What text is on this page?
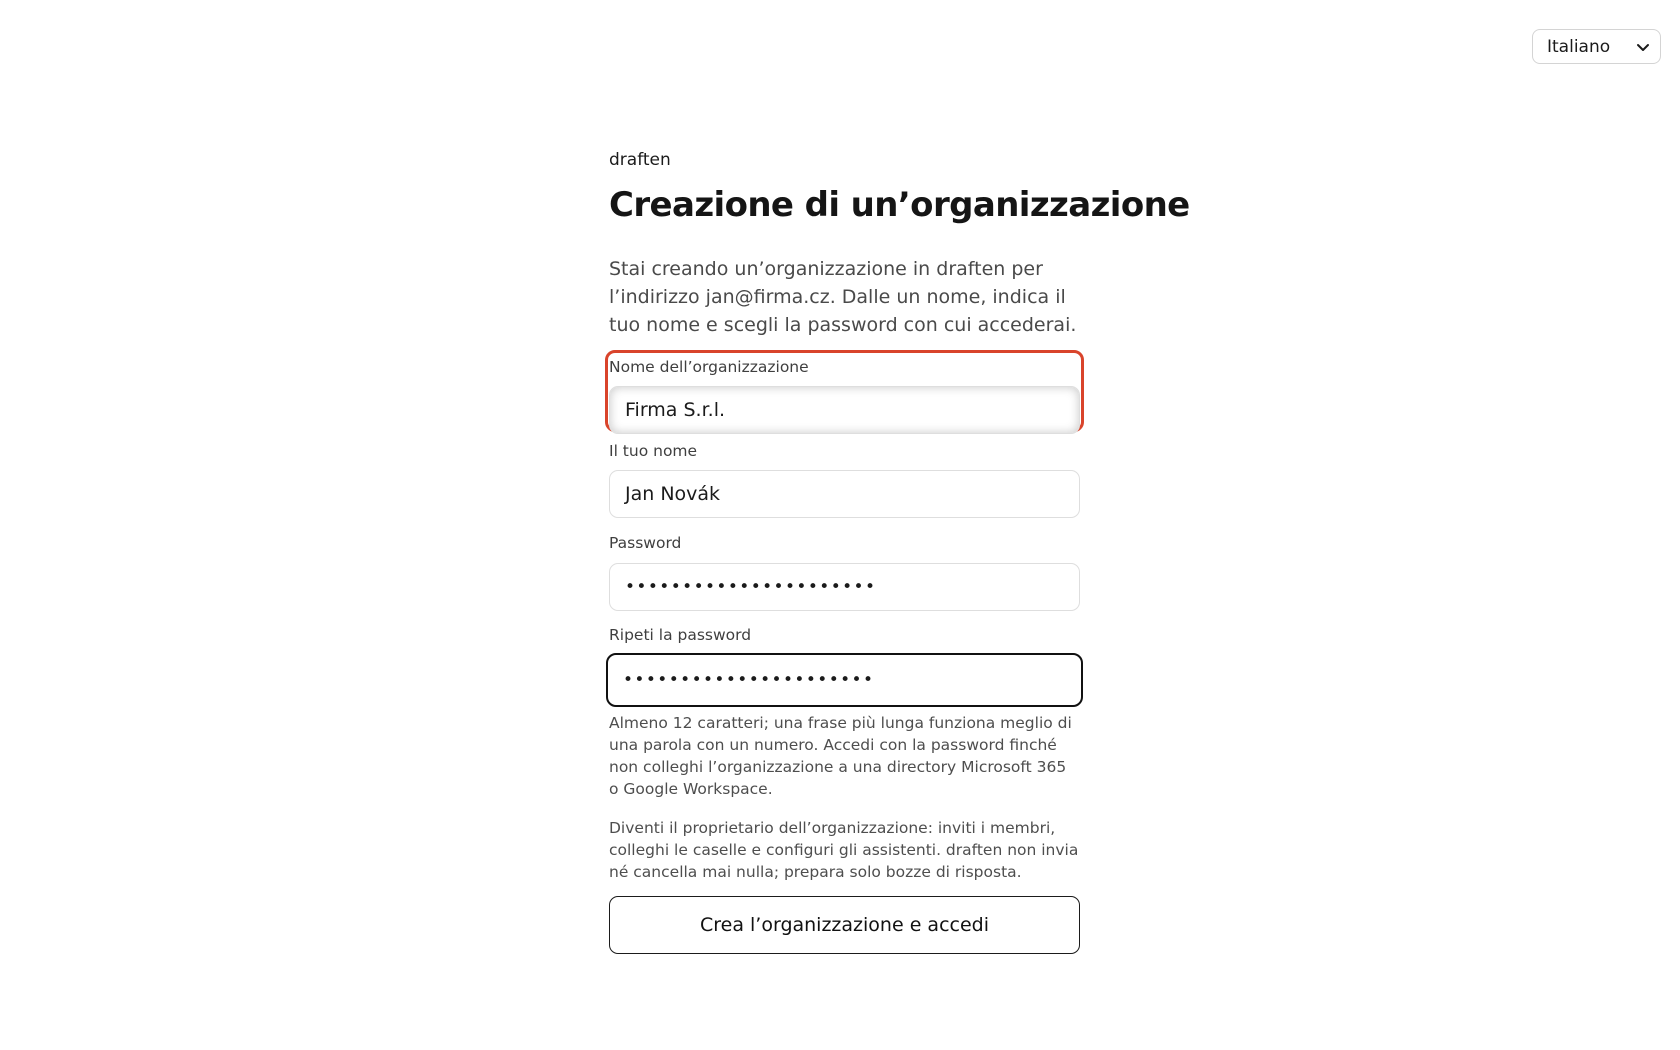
Italiano

draften

Creazione di un’organizzazione

Stai creando un’organizzazione in draften per l’indirizzo jan@firma.cz. Dalle un nome, indica il tuo nome e scegli la password con cui accederai.

Nome dell’organizzazione

Firma S.r.l.

Il tuo nome

Jan Novák

Password

••••••••••••••••••••••

Ripeti la password

••••••••••••••••••••••

Almeno 12 caratteri; una frase più lunga funziona meglio di una parola con un numero. Accedi con la password finché non colleghi l’organizzazione a una directory Microsoft 365 o Google Workspace.

Diventi il proprietario dell’organizzazione: inviti i membri, colleghi le caselle e configuri gli assistenti. draften non invia né cancella mai nulla; prepara solo bozze di risposta.

Crea l’organizzazione e accedi
